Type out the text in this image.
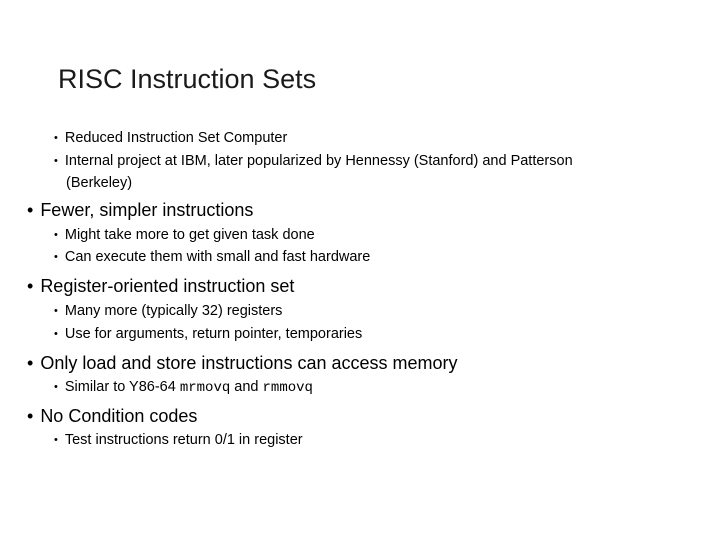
RISC Instruction Sets
• Reduced Instruction Set Computer
• Internal project at IBM, later popularized by Hennessy (Stanford) and Patterson
(Berkeley)
• Fewer, simpler instructions
• Might take more to get given task done
• Can execute them with small and fast hardware
• Register-oriented instruction set
• Many more (typically 32) registers
• Use for arguments, return pointer, temporaries
• Only load and store instructions can access memory
• Similar to Y86-64 mrmovq and rmmovq
• No Condition codes
• Test instructions return 0/1 in register
